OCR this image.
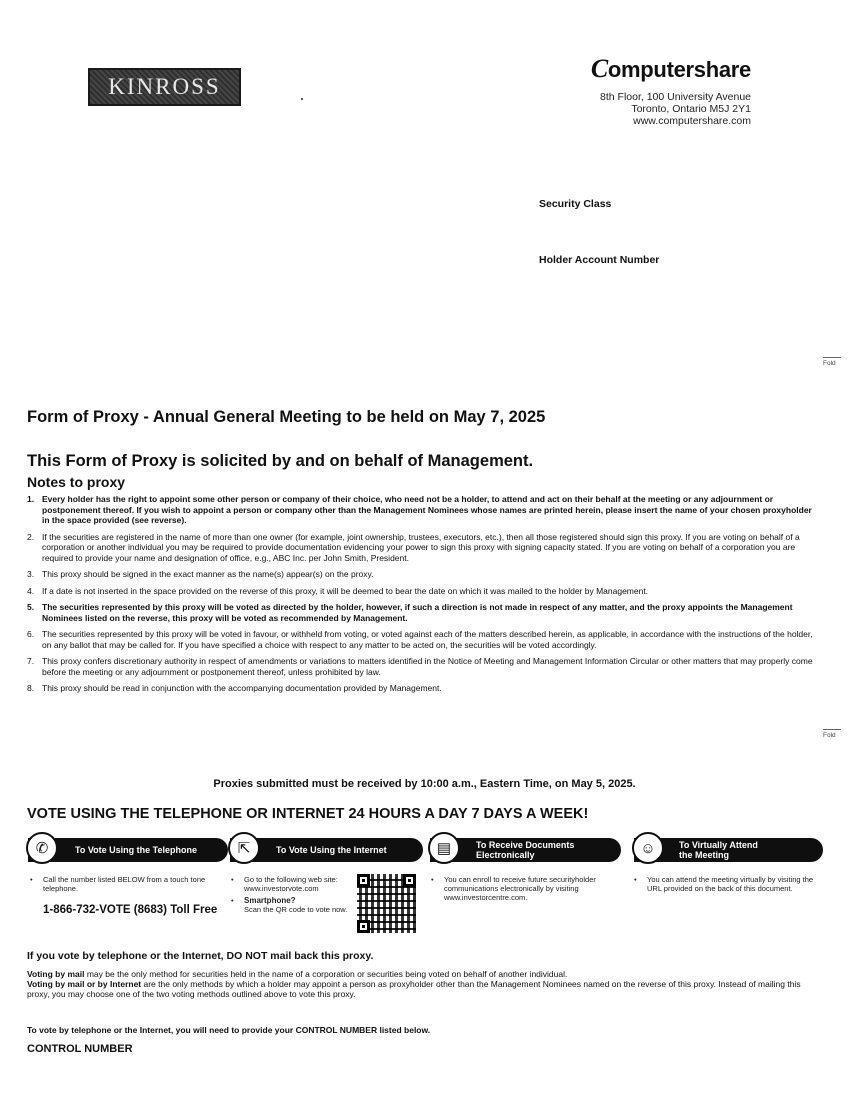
KINROSS
Computershare
8th Floor, 100 University Avenue
Toronto, Ontario M5J 2Y1
www.computershare.com
Security Class
Holder Account Number
Fold
Fold
Form of Proxy - Annual General Meeting to be held on May 7, 2025
This Form of Proxy is solicited by and on behalf of Management.
Notes to proxy
1. Every holder has the right to appoint some other person or company of their choice, who need not be a holder, to attend and act on their behalf at the meeting or any adjournment or postponement thereof. If you wish to appoint a person or company other than the Management Nominees whose names are printed herein, please insert the name of your chosen proxyholder in the space provided (see reverse).
2. If the securities are registered in the name of more than one owner (for example, joint ownership, trustees, executors, etc.), then all those registered should sign this proxy. If you are voting on behalf of a corporation or another individual you may be required to provide documentation evidencing your power to sign this proxy with signing capacity stated. If you are voting on behalf of a corporation you are required to provide your name and designation of office, e.g., ABC Inc. per John Smith, President.
3. This proxy should be signed in the exact manner as the name(s) appear(s) on the proxy.
4. If a date is not inserted in the space provided on the reverse of this proxy, it will be deemed to bear the date on which it was mailed to the holder by Management.
5. The securities represented by this proxy will be voted as directed by the holder, however, if such a direction is not made in respect of any matter, and the proxy appoints the Management Nominees listed on the reverse, this proxy will be voted as recommended by Management.
6. The securities represented by this proxy will be voted in favour, or withheld from voting, or voted against each of the matters described herein, as applicable, in accordance with the instructions of the holder, on any ballot that may be called for. If you have specified a choice with respect to any matter to be acted on, the securities will be voted accordingly.
7. This proxy confers discretionary authority in respect of amendments or variations to matters identified in the Notice of Meeting and Management Information Circular or other matters that may properly come before the meeting or any adjournment or postponement thereof, unless prohibited by law.
8. This proxy should be read in conjunction with the accompanying documentation provided by Management.
Proxies submitted must be received by 10:00 a.m., Eastern Time, on May 5, 2025.
VOTE USING THE TELEPHONE OR INTERNET 24 HOURS A DAY 7 DAYS A WEEK!
✆	To Vote Using the Telephone	⇱	To Vote Using the Internet	▤	To Receive Documents
Electronically	☺	To Virtually Attend
the Meeting
• Call the number listed BELOW from a touch tone telephone.
1-866-732-VOTE (8683) Toll Free
• Go to the following web site: www.investorvote.com
• Smartphone?
Scan the QR code to vote now.
• You can enroll to receive future securityholder communications electronically by visiting www.investorcentre.com.
• You can attend the meeting virtually by visiting the URL provided on the back of this document.
If you vote by telephone or the Internet, DO NOT mail back this proxy.
Voting by mail may be the only method for securities held in the name of a corporation or securities being voted on behalf of another individual.
Voting by mail or by Internet are the only methods by which a holder may appoint a person as proxyholder other than the Management Nominees named on the reverse of this proxy. Instead of mailing this proxy, you may choose one of the two voting methods outlined above to vote this proxy.
To vote by telephone or the Internet, you will need to provide your CONTROL NUMBER listed below.
CONTROL NUMBER
